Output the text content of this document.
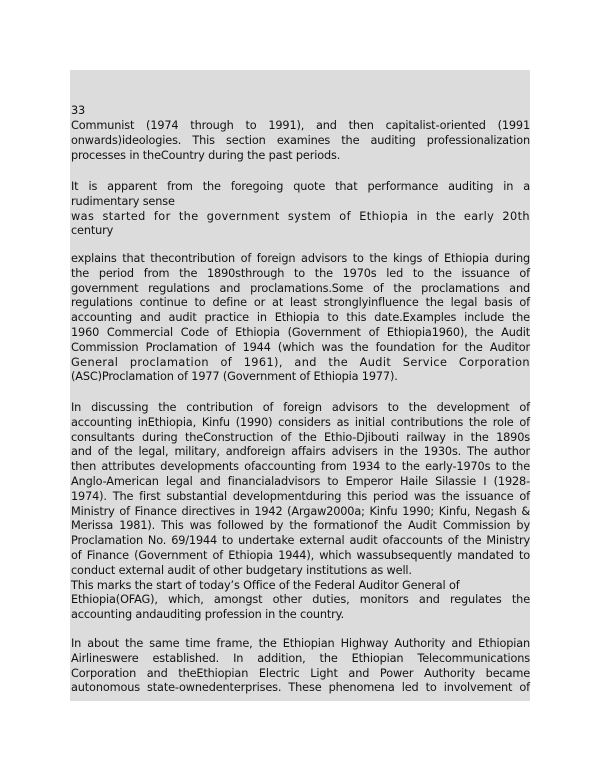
33
Communist (1974 through to 1991), and then capitalist-oriented (1991
onwards)ideologies. This section examines the auditing professionalization
processes in theCountry during the past periods.
It is apparent from the foregoing quote that performance auditing in a
rudimentary sense
was started for the government system of Ethiopia in the early 20th
century
explains that thecontribution of foreign advisors to the kings of Ethiopia during
the period from the 1890sthrough to the 1970s led to the issuance of
government regulations and proclamations.Some of the proclamations and
regulations continue to define or at least stronglyinfluence the legal basis of
accounting and audit practice in Ethiopia to this date.Examples include the
1960 Commercial Code of Ethiopia (Government of Ethiopia1960), the Audit
Commission Proclamation of 1944 (which was the foundation for the Auditor
General proclamation of 1961), and the Audit Service Corporation
(ASC)Proclamation of 1977 (Government of Ethiopia 1977).
In discussing the contribution of foreign advisors to the development of
accounting inEthiopia, Kinfu (1990) considers as initial contributions the role of
consultants during theConstruction of the Ethio-Djibouti railway in the 1890s
and of the legal, military, andforeign affairs advisers in the 1930s. The author
then attributes developments ofaccounting from 1934 to the early-1970s to the
Anglo-American legal and financialadvisors to Emperor Haile Silassie I (1928-
1974). The first substantial developmentduring this period was the issuance of
Ministry of Finance directives in 1942 (Argaw2000a; Kinfu 1990; Kinfu, Negash &
Merissa 1981). This was followed by the formationof the Audit Commission by
Proclamation No. 69/1944 to undertake external audit ofaccounts of the Ministry
of Finance (Government of Ethiopia 1944), which wassubsequently mandated to
conduct external audit of other budgetary institutions as well.
This marks the start of today’s Office of the Federal Auditor General of
Ethiopia(OFAG), which, amongst other duties, monitors and regulates the
accounting andauditing profession in the country.
In about the same time frame, the Ethiopian Highway Authority and Ethiopian
Airlineswere established. In addition, the Ethiopian Telecommunications
Corporation and theEthiopian Electric Light and Power Authority became
autonomous state-ownedenterprises. These phenomena led to involvement of
